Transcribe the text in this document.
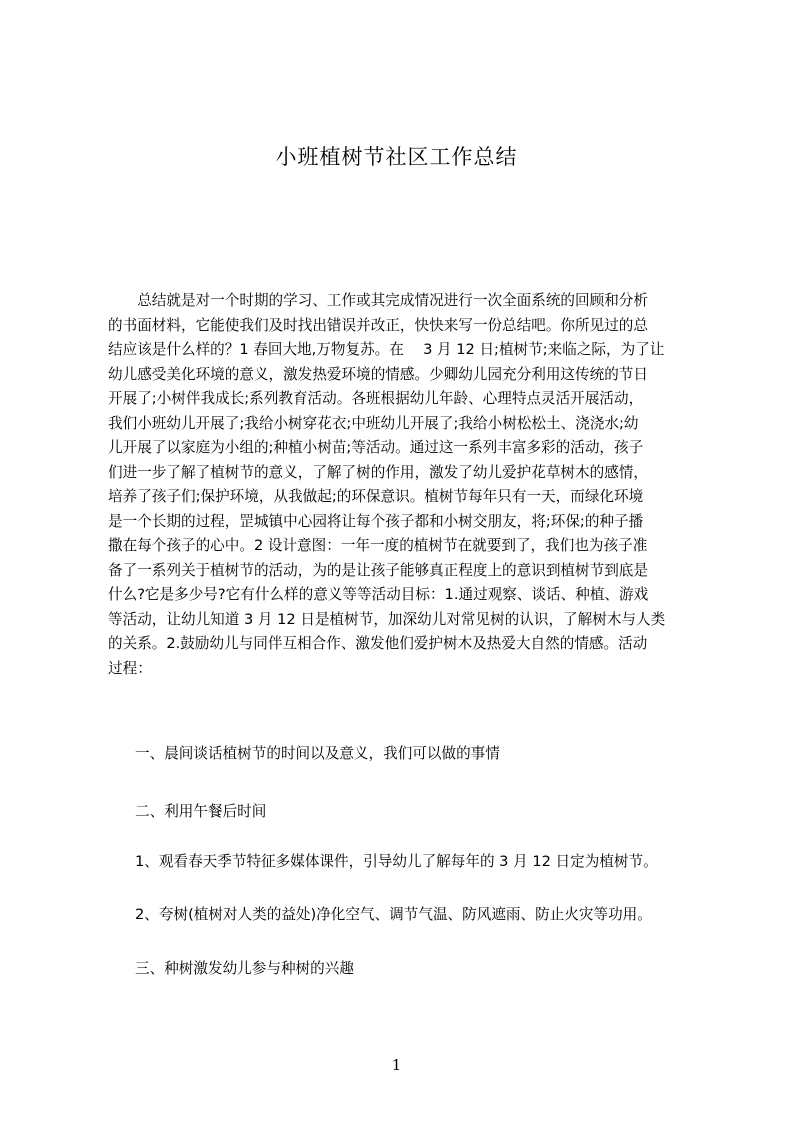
小班植树节社区工作总结
　　总结就是对一个时期的学习、工作或其完成情况进行一次全面系统的回顾和分析
的书面材料，它能使我们及时找出错误并改正，快快来写一份总结吧。你所见过的总
结应该是什么样的？1 春回大地,万物复苏。在　 3 月 12 日;植树节;来临之际，为了让
幼儿感受美化环境的意义，激发热爱环境的情感。少卿幼儿园充分利用这传统的节日
开展了;小树伴我成长;系列教育活动。各班根据幼儿年龄、心理特点灵活开展活动，
我们小班幼儿开展了;我给小树穿花衣;中班幼儿开展了;我给小树松松土、浇浇水;幼
儿开展了以家庭为小组的;种植小树苗;等活动。通过这一系列丰富多彩的活动，孩子
们进一步了解了植树节的意义，了解了树的作用，激发了幼儿爱护花草树木的感情，
培养了孩子们;保护环境，从我做起;的环保意识。植树节每年只有一天，而绿化环境
是一个长期的过程，罡城镇中心园将让每个孩子都和小树交朋友，将;环保;的种子播
撒在每个孩子的心中。2 设计意图：一年一度的植树节在就要到了，我们也为孩子准
备了一系列关于植树节的活动，为的是让孩子能够真正程度上的意识到植树节到底是
什么?它是多少号?它有什么样的意义等等活动目标：1.通过观察、谈话、种植、游戏
等活动，让幼儿知道 3 月 12 日是植树节，加深幼儿对常见树的认识，了解树木与人类
的关系。2.鼓励幼儿与同伴互相合作、激发他们爱护树木及热爱大自然的情感。活动
过程：
一、晨间谈话植树节的时间以及意义，我们可以做的事情
二、利用午餐后时间
1、观看春天季节特征多媒体课件，引导幼儿了解每年的 3 月 12 日定为植树节。
2、夸树(植树对人类的益处)净化空气、调节气温、防风遮雨、防止火灾等功用。
三、种树激发幼儿参与种树的兴趣
1
